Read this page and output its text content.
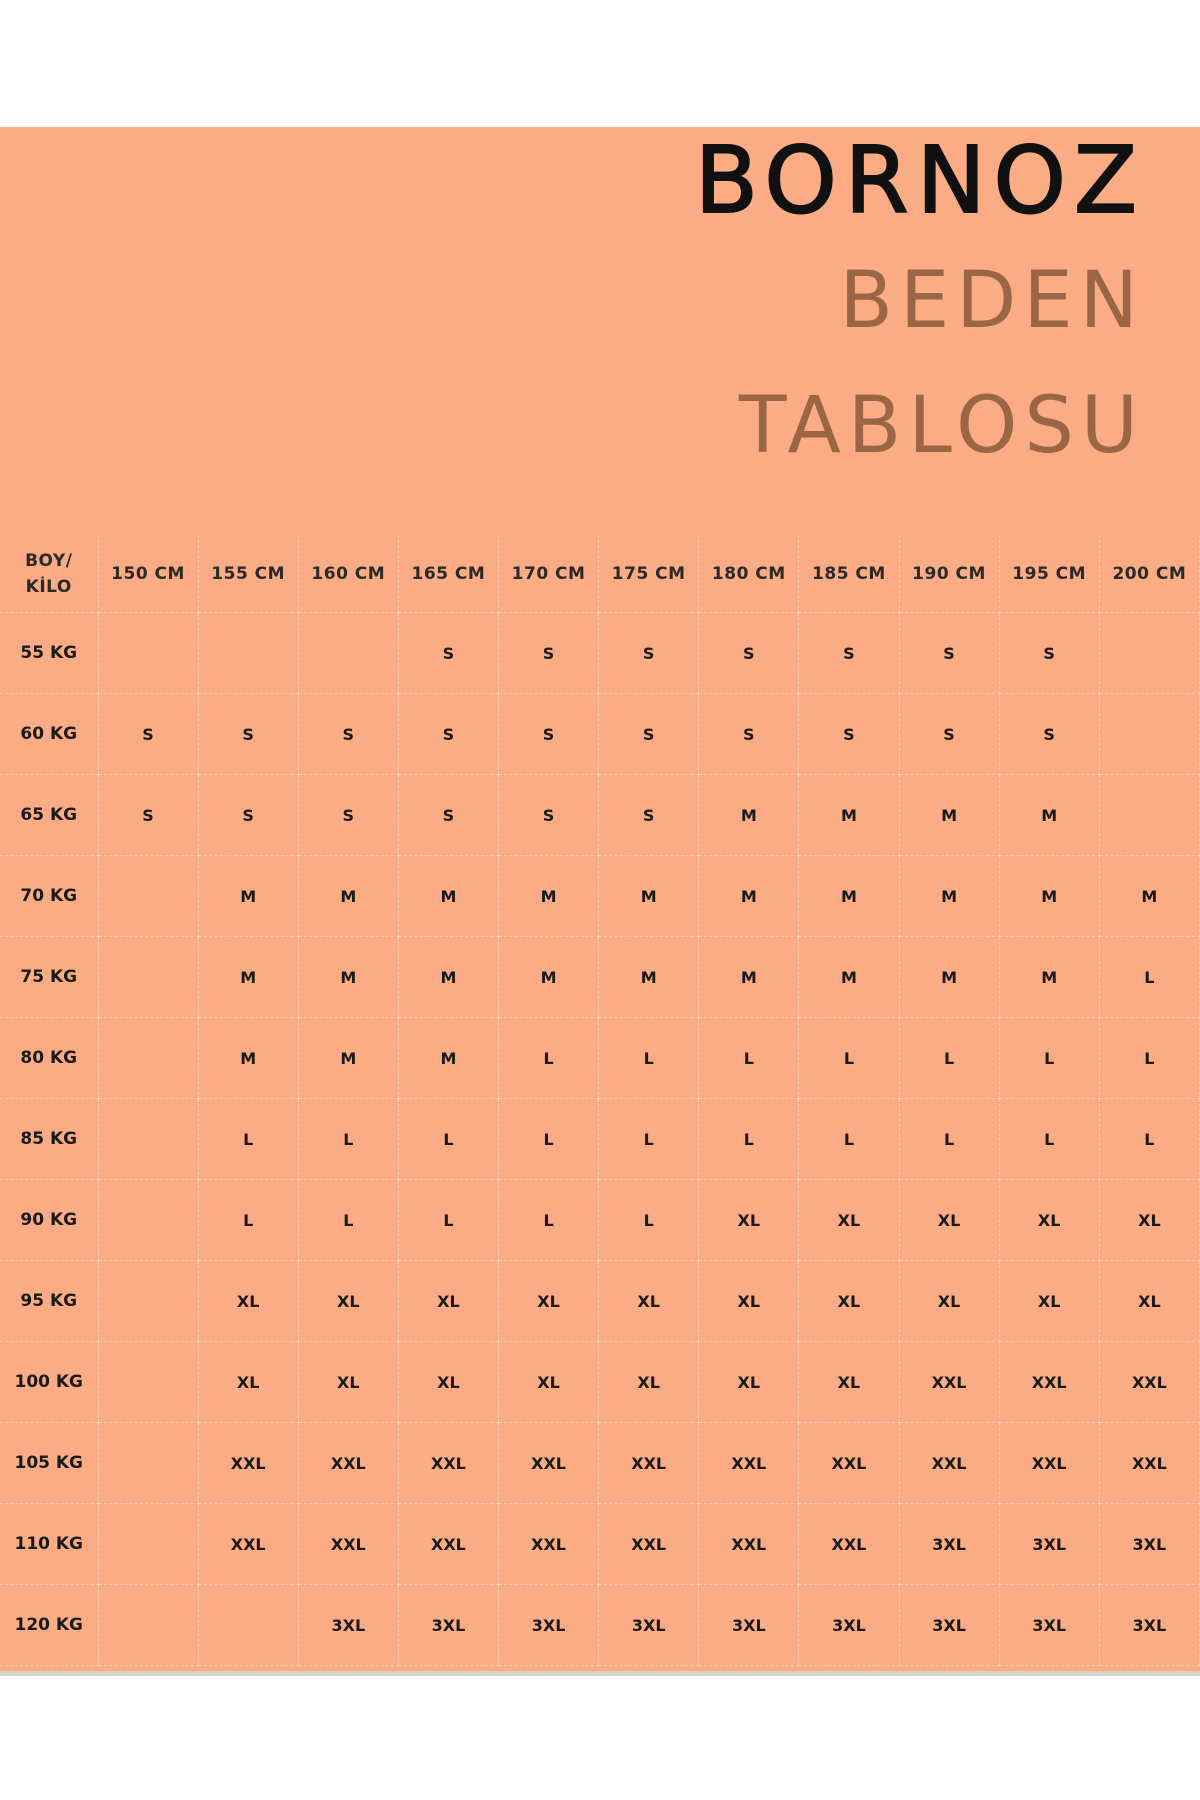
BORNOZ
BEDEN
TABLOSU
BOY/
KİLO	150 CM	155 CM	160 CM	165 CM	170 CM	175 CM	180 CM	185 CM	190 CM	195 CM	200 CM
55 KG				S	S	S	S	S	S	S	
60 KG	S	S	S	S	S	S	S	S	S	S	
65 KG	S	S	S	S	S	S	M	M	M	M	
70 KG		M	M	M	M	M	M	M	M	M	M
75 KG		M	M	M	M	M	M	M	M	M	L
80 KG		M	M	M	L	L	L	L	L	L	L
85 KG		L	L	L	L	L	L	L	L	L	L
90 KG		L	L	L	L	L	XL	XL	XL	XL	XL
95 KG		XL	XL	XL	XL	XL	XL	XL	XL	XL	XL
100 KG		XL	XL	XL	XL	XL	XL	XL	XXL	XXL	XXL
105 KG		XXL	XXL	XXL	XXL	XXL	XXL	XXL	XXL	XXL	XXL
110 KG		XXL	XXL	XXL	XXL	XXL	XXL	XXL	3XL	3XL	3XL
120 KG			3XL	3XL	3XL	3XL	3XL	3XL	3XL	3XL	3XL
